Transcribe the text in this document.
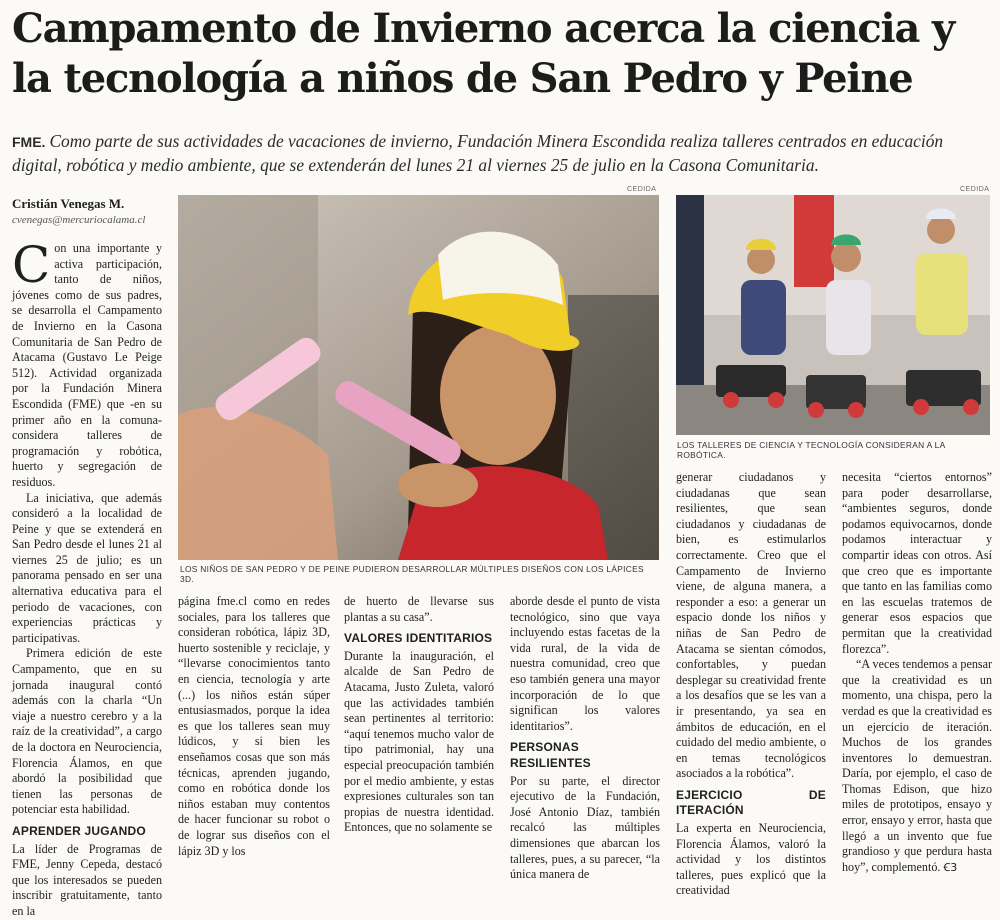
Campamento de Invierno acerca la ciencia y la tecnología a niños de San Pedro y Peine
FME. Como parte de sus actividades de vacaciones de invierno, Fundación Minera Escondida realiza talleres centrados en educación digital, robótica y medio ambiente, que se extenderán del lunes 21 al viernes 25 de julio en la Casona Comunitaria.
Cristián Venegas M.
cvenegas@mercuriocalama.cl
C on una importante y activa participación, tanto de niños, jóvenes como de sus padres, se desarrolla el Campamento de Invierno en la Casona Comunitaria de San Pedro de Atacama (Gustavo Le Peige 512). Actividad organizada por la Fundación Minera Escondida (FME) que -en su primer año en la comuna- considera talleres de programación y robótica, huerto y segregación de residuos.

La iniciativa, que además consideró a la localidad de Peine y que se extenderá en San Pedro desde el lunes 21 al viernes 25 de julio; es un panorama pensado en ser una alternativa educativa para el periodo de vacaciones, con experiencias prácticas y participativas.

Primera edición de este Campamento, que en su jornada inaugural contó además con la charla “Un viaje a nuestro cerebro y a la raíz de la creatividad”, a cargo de la doctora en Neurociencia, Florencia Álamos, en que abordó la posibilidad que tienen las personas de potenciar esta habilidad.

APRENDER JUGANDO

La líder de Programas de FME, Jenny Cepeda, destacó que los interesados se pueden inscribir gratuitamente, tanto en la

CEDIDA
LOS NIÑOS DE SAN PEDRO Y DE PEINE PUDIERON DESARROLLAR MÚLTIPLES DISEÑOS CON LOS LÁPICES 3D.
CEDIDA
LOS TALLERES DE CIENCIA Y TECNOLOGÍA CONSIDERAN A LA ROBÓTICA.

página fme.cl como en redes sociales, para los talleres que consideran robótica, lápiz 3D, huerto sostenible y reciclaje, y “llevarse conocimientos tanto en ciencia, tecnología y arte (...) los niños están súper entusiasmados, porque la idea es que los talleres sean muy lúdicos, y si bien les enseñamos cosas que son más técnicas, aprenden jugando, como en robótica donde los niños estaban muy contentos de hacer funcionar su robot o de lograr sus diseños con el lápiz 3D y los

de huerto de llevarse sus plantas a su casa”.

VALORES IDENTITARIOS

Durante la inauguración, el alcalde de San Pedro de Atacama, Justo Zuleta, valoró que las actividades también sean pertinentes al territorio: “aquí tenemos mucho valor de tipo patrimonial, hay una especial preocupación también por el medio ambiente, y estas expresiones culturales son tan propias de nuestra identidad. Entonces, que no solamente se

aborde desde el punto de vista tecnológico, sino que vaya incluyendo estas facetas de la vida rural, de la vida de nuestra comunidad, creo que eso también genera una mayor incorporación de lo que significan los valores identitarios”.

PERSONAS RESILIENTES

Por su parte, el director ejecutivo de la Fundación, José Antonio Díaz, también recalcó las múltiples dimensiones que abarcan los talleres, pues, a su parecer, “la única manera de

generar ciudadanos y ciudadanas que sean resilientes, que sean ciudadanos y ciudadanas de bien, es estimularlos correctamente. Creo que el Campamento de Invierno viene, de alguna manera, a responder a eso: a generar un espacio donde los niños y niñas de San Pedro de Atacama se sientan cómodos, confortables, y puedan desplegar su creatividad frente a los desafíos que se les van a ir presentando, ya sea en ámbitos de educación, en el cuidado del medio ambiente, o en temas tecnológicos asociados a la robótica”.

EJERCICIO DE ITERACIÓN

La experta en Neurociencia, Florencia Álamos, valoró la actividad y los distintos talleres, pues explicó que la creatividad

necesita “ciertos entornos” para poder desarrollarse, “ambientes seguros, donde podamos equivocarnos, donde podamos interactuar y compartir ideas con otros. Así que creo que es importante que tanto en las familias como en las escuelas tratemos de generar esos espacios que permitan que la creatividad florezca”.

“A veces tendemos a pensar que la creatividad es un momento, una chispa, pero la verdad es que la creatividad es un ejercicio de iteración. Muchos de los grandes inventores lo demuestran. Daría, por ejemplo, el caso de Thomas Edison, que hizo miles de prototipos, ensayo y error, ensayo y error, hasta que llegó a un invento que fue grandioso y que perdura hasta hoy”, complementó. Ꞓ3
